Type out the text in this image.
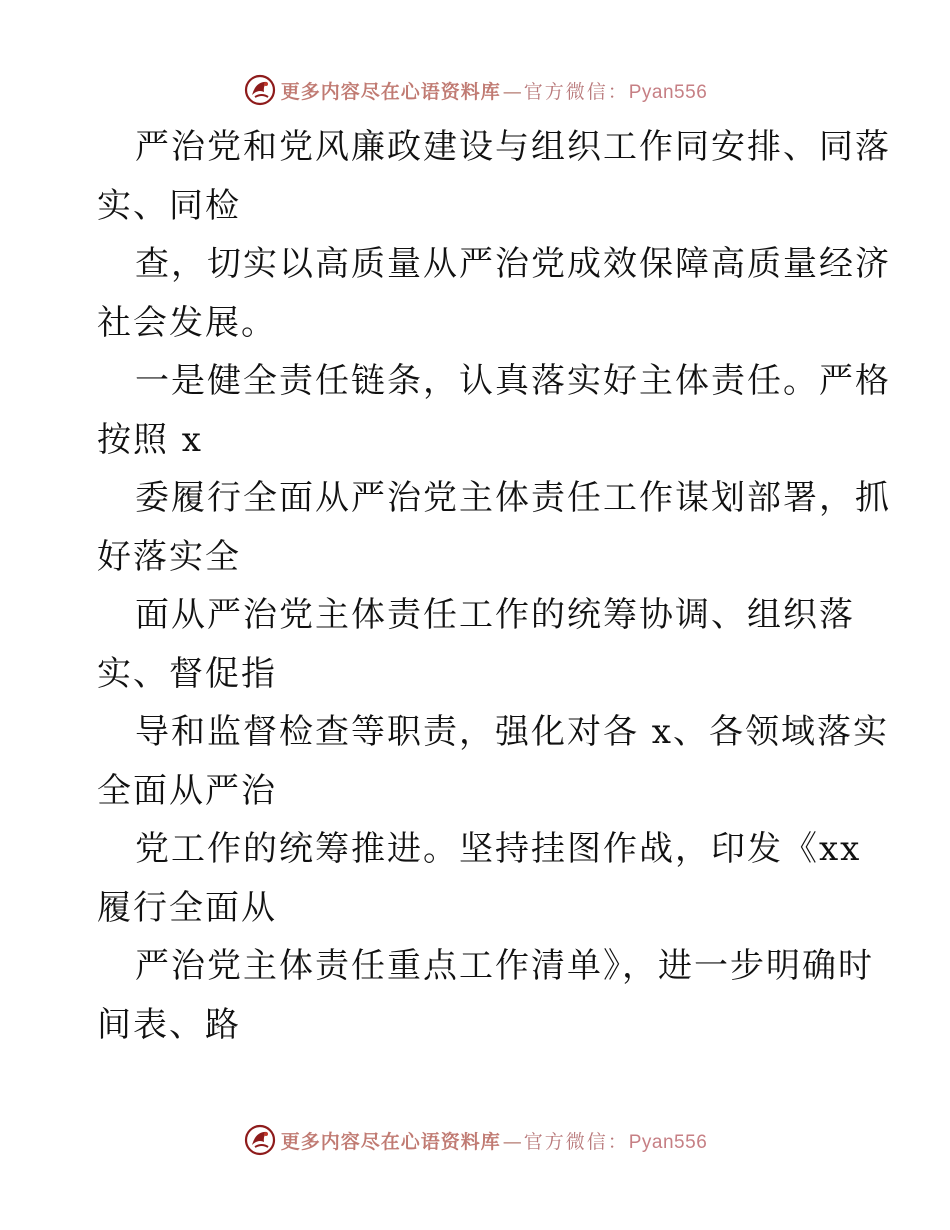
更多内容尽在心语资料库 — 官方微信： Pyan556
严治党和党风廉政建设与组织工作同安排、同落
实、同检
查，切实以高质量从严治党成效保障高质量经济
社会发展。
一是健全责任链条，认真落实好主体责任。严格
按照 x
委履行全面从严治党主体责任工作谋划部署，抓
好落实全
面从严治党主体责任工作的统筹协调、组织落
实、督促指
导和监督检查等职责，强化对各 x、各领域落实
全面从严治
党工作的统筹推进。坚持挂图作战，印发《xx
履行全面从
严治党主体责任重点工作清单》，进一步明确时
间表、路
更多内容尽在心语资料库 — 官方微信： Pyan556
